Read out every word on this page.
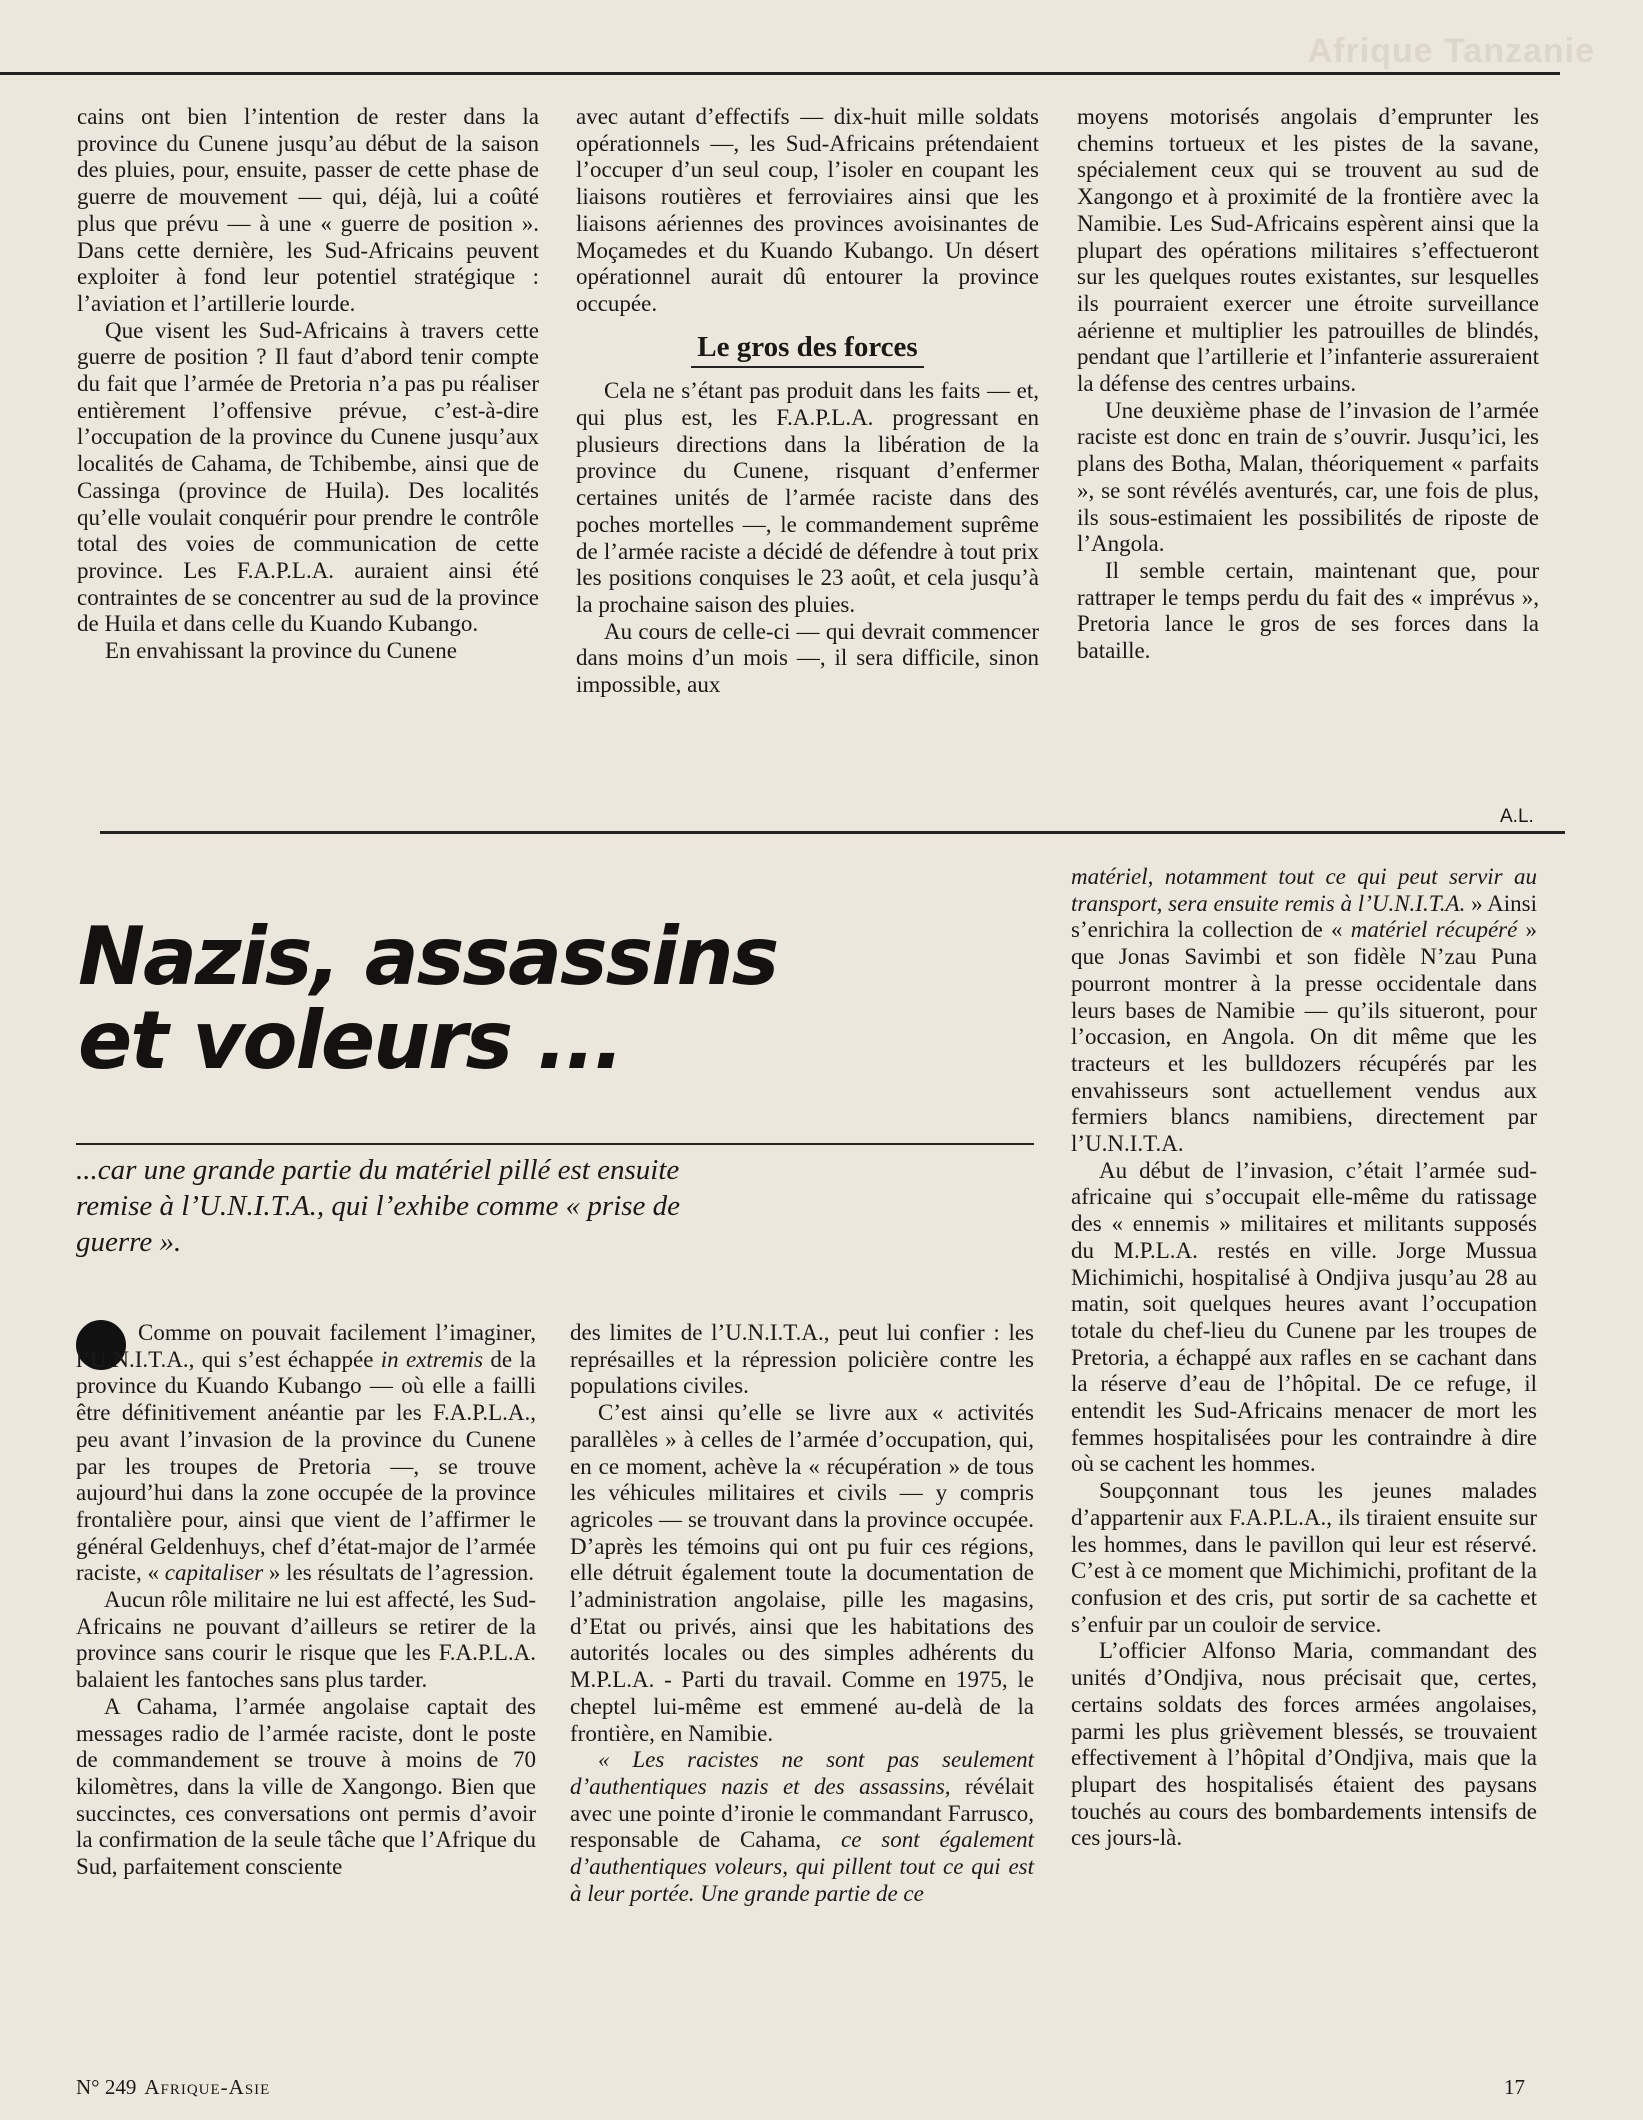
Afrique Tanzanie

cains ont bien l’intention de rester dans la province du Cunene jusqu’au début de la saison des pluies, pour, ensuite, passer de cette phase de guerre de mouvement — qui, déjà, lui a coûté plus que prévu — à une « guerre de position ». Dans cette dernière, les Sud-Africains peuvent exploiter à fond leur potentiel stratégique : l’aviation et l’artillerie lourde.

Que visent les Sud-Africains à travers cette guerre de position ? Il faut d’abord tenir compte du fait que l’armée de Pretoria n’a pas pu réaliser entièrement l’offensive prévue, c’est-à-dire l’occupation de la province du Cunene jusqu’aux localités de Cahama, de Tchibembe, ainsi que de Cassinga (province de Huila). Des localités qu’elle voulait conquérir pour prendre le contrôle total des voies de communication de cette province. Les F.A.P.L.A. auraient ainsi été contraintes de se concentrer au sud de la province de Huila et dans celle du Kuando Kubango.

En envahissant la province du Cunene

avec autant d’effectifs — dix-huit mille soldats opérationnels —, les Sud-Africains prétendaient l’occuper d’un seul coup, l’isoler en coupant les liaisons routières et ferroviaires ainsi que les liaisons aériennes des provinces avoisinantes de Moçamedes et du Kuando Kubango. Un désert opérationnel aurait dû entourer la province occupée.

Le gros des forces

Cela ne s’étant pas produit dans les faits — et, qui plus est, les F.A.P.L.A. progressant en plusieurs directions dans la libération de la province du Cunene, risquant d’enfermer certaines unités de l’armée raciste dans des poches mortelles —, le commandement suprême de l’armée raciste a décidé de défendre à tout prix les positions conquises le 23 août, et cela jusqu’à la prochaine saison des pluies.

Au cours de celle-ci — qui devrait commencer dans moins d’un mois —, il sera difficile, sinon impossible, aux

moyens motorisés angolais d’emprunter les chemins tortueux et les pistes de la savane, spécialement ceux qui se trouvent au sud de Xangongo et à proximité de la frontière avec la Namibie. Les Sud-Africains espèrent ainsi que la plupart des opérations militaires s’effectueront sur les quelques routes existantes, sur lesquelles ils pourraient exercer une étroite surveillance aérienne et multiplier les patrouilles de blindés, pendant que l’artillerie et l’infanterie assureraient la défense des centres urbains.

Une deuxième phase de l’invasion de l’armée raciste est donc en train de s’ouvrir. Jusqu’ici, les plans des Botha, Malan, théoriquement « parfaits », se sont révélés aventurés, car, une fois de plus, ils sous-estimaient les possibilités de riposte de l’Angola.

Il semble certain, maintenant que, pour rattraper le temps perdu du fait des « imprévus », Pretoria lance le gros de ses forces dans la bataille.

A.L.
Nazis, assassins et voleurs ...
...car une grande partie du matériel pillé est ensuite remise à l’U.N.I.T.A., qui l’exhibe comme « prise de guerre ».

Comme on pouvait facilement l’imaginer, l’U.N.I.T.A., qui s’est échappée in extremis de la province du Kuando Kubango — où elle a failli être définitivement anéantie par les F.A.P.L.A., peu avant l’invasion de la province du Cunene par les troupes de Pretoria —, se trouve aujourd’hui dans la zone occupée de la province frontalière pour, ainsi que vient de l’affirmer le général Geldenhuys, chef d’état-major de l’armée raciste, « capitaliser » les résultats de l’agression.

Aucun rôle militaire ne lui est affecté, les Sud-Africains ne pouvant d’ailleurs se retirer de la province sans courir le risque que les F.A.P.L.A. balaient les fantoches sans plus tarder.

A Cahama, l’armée angolaise captait des messages radio de l’armée raciste, dont le poste de commandement se trouve à moins de 70 kilomètres, dans la ville de Xangongo. Bien que succinctes, ces conversations ont permis d’avoir la confirmation de la seule tâche que l’Afrique du Sud, parfaitement consciente

des limites de l’U.N.I.T.A., peut lui confier : les représailles et la répression policière contre les populations civiles.

C’est ainsi qu’elle se livre aux « activités parallèles » à celles de l’armée d’occupation, qui, en ce moment, achève la « récupération » de tous les véhicules militaires et civils — y compris agricoles — se trouvant dans la province occupée. D’après les témoins qui ont pu fuir ces régions, elle détruit également toute la documentation de l’administration angolaise, pille les magasins, d’Etat ou privés, ainsi que les habitations des autorités locales ou des simples adhérents du M.P.L.A. - Parti du travail. Comme en 1975, le cheptel lui-même est emmené au-delà de la frontière, en Namibie.

« Les racistes ne sont pas seulement d’authentiques nazis et des assassins, révélait avec une pointe d’ironie le commandant Farrusco, responsable de Cahama, ce sont également d’authentiques voleurs, qui pillent tout ce qui est à leur portée. Une grande partie de ce

matériel, notamment tout ce qui peut servir au transport, sera ensuite remis à l’U.N.I.T.A. » Ainsi s’enrichira la collection de « matériel récupéré » que Jonas Savimbi et son fidèle N’zau Puna pourront montrer à la presse occidentale dans leurs bases de Namibie — qu’ils situeront, pour l’occasion, en Angola. On dit même que les tracteurs et les bulldozers récupérés par les envahisseurs sont actuellement vendus aux fermiers blancs namibiens, directement par l’U.N.I.T.A.

Au début de l’invasion, c’était l’armée sud-africaine qui s’occupait elle-même du ratissage des « ennemis » militaires et militants supposés du M.P.L.A. restés en ville. Jorge Mussua Michimichi, hospitalisé à Ondjiva jusqu’au 28 au matin, soit quelques heures avant l’occupation totale du chef-lieu du Cunene par les troupes de Pretoria, a échappé aux rafles en se cachant dans la réserve d’eau de l’hôpital. De ce refuge, il entendit les Sud-Africains menacer de mort les femmes hospitalisées pour les contraindre à dire où se cachent les hommes.

Soupçonnant tous les jeunes malades d’appartenir aux F.A.P.L.A., ils tiraient ensuite sur les hommes, dans le pavillon qui leur est réservé. C’est à ce moment que Michimichi, profitant de la confusion et des cris, put sortir de sa cachette et s’enfuir par un couloir de service.

L’officier Alfonso Maria, commandant des unités d’Ondjiva, nous précisait que, certes, certains soldats des forces armées angolaises, parmi les plus grièvement blessés, se trouvaient effectivement à l’hôpital d’Ondjiva, mais que la plupart des hospitalisés étaient des paysans touchés au cours des bombardements intensifs de ces jours-là.

N° 249 Afrique-Asie	17
